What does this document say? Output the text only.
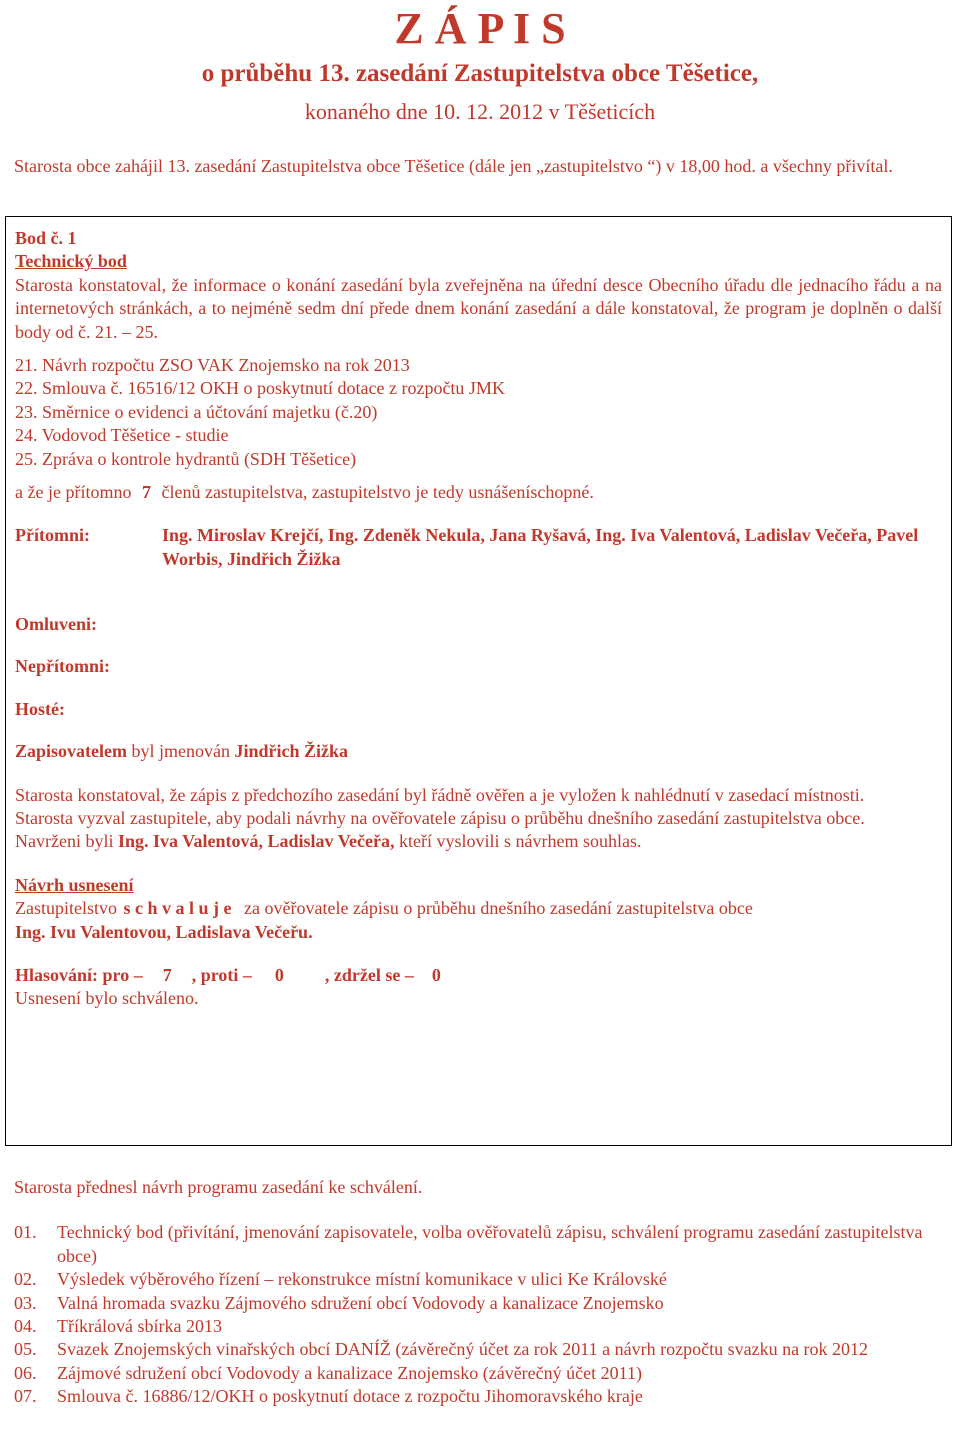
Z Á P I S
o průběhu 13. zasedání Zastupitelstva obce Těšetice,
konaného dne 10. 12. 2012 v Těšeticích

Starosta obce zahájil 13. zasedání Zastupitelstva obce Těšetice (dále jen „zastupitelstvo “) v 18,00 hod. a všechny přivítal.

Bod č. 1
Technický bod

Starosta konstatoval, že informace o konání zasedání byla zveřejněna na úřední desce Obecního úřadu dle jednacího řádu a na internetových stránkách, a to nejméně sedm dní přede dnem konání zasedání a dále konstatoval, že program je doplněn o další body od č. 21. – 25.

21. Návrh rozpočtu ZSO VAK Znojemsko na rok 2013
22. Smlouva č. 16516/12 OKH o poskytnutí dotace z rozpočtu JMK
23. Směrnice o evidenci a účtování majetku (č.20)
24. Vodovod Těšetice - studie
25. Zpráva o kontrole hydrantů (SDH Těšetice)

a že je přítomno 7 členů zastupitelstva, zastupitelstvo je tedy usnášeníschopné.

Přítomni:	Ing. Miroslav Krejčí, Ing. Zdeněk Nekula, Jana Ryšavá, Ing. Iva Valentová, Ladislav Večeřa, Pavel Worbis, Jindřich Žižka
Omluveni:
Nepřítomni:
Hosté:

Zapisovatelem byl jmenován Jindřich Žižka

Starosta konstatoval, že zápis z předchozího zasedání byl řádně ověřen a je vyložen k nahlédnutí v zasedací místnosti.

Starosta vyzval zastupitele, aby podali návrhy na ověřovatele zápisu o průběhu dnešního zasedání zastupitelstva obce.

Navrženi byli Ing. Iva Valentová, Ladislav Večeřa, kteří vyslovili s návrhem souhlas.

Návrh usnesení

Zastupitelstvo s c h v a l u j e za ověřovatele zápisu o průběhu dnešního zasedání zastupitelstva obce

Ing. Ivu Valentovou, Ladislava Večeřu.

Hlasování: pro – 7 , proti – 0 , zdržel se – 0

Usnesení bylo schváleno.

Starosta přednesl návrh programu zasedání ke schválení.

01.	Technický bod (přivítání, jmenování zapisovatele, volba ověřovatelů zápisu, schválení programu zasedání zastupitelstva obce)
02.	Výsledek výběrového řízení – rekonstrukce místní komunikace v ulici Ke Královské
03.	Valná hromada svazku Zájmového sdružení obcí Vodovody a kanalizace Znojemsko
04.	Tříkrálová sbírka 2013
05.	Svazek Znojemských vinařských obcí DANÍŽ (závěrečný účet za rok 2011 a návrh rozpočtu svazku na rok 2012
06.	Zájmové sdružení obcí Vodovody a kanalizace Znojemsko (závěrečný účet 2011)
07.	Smlouva č. 16886/12/OKH o poskytnutí dotace z rozpočtu Jihomoravského kraje
